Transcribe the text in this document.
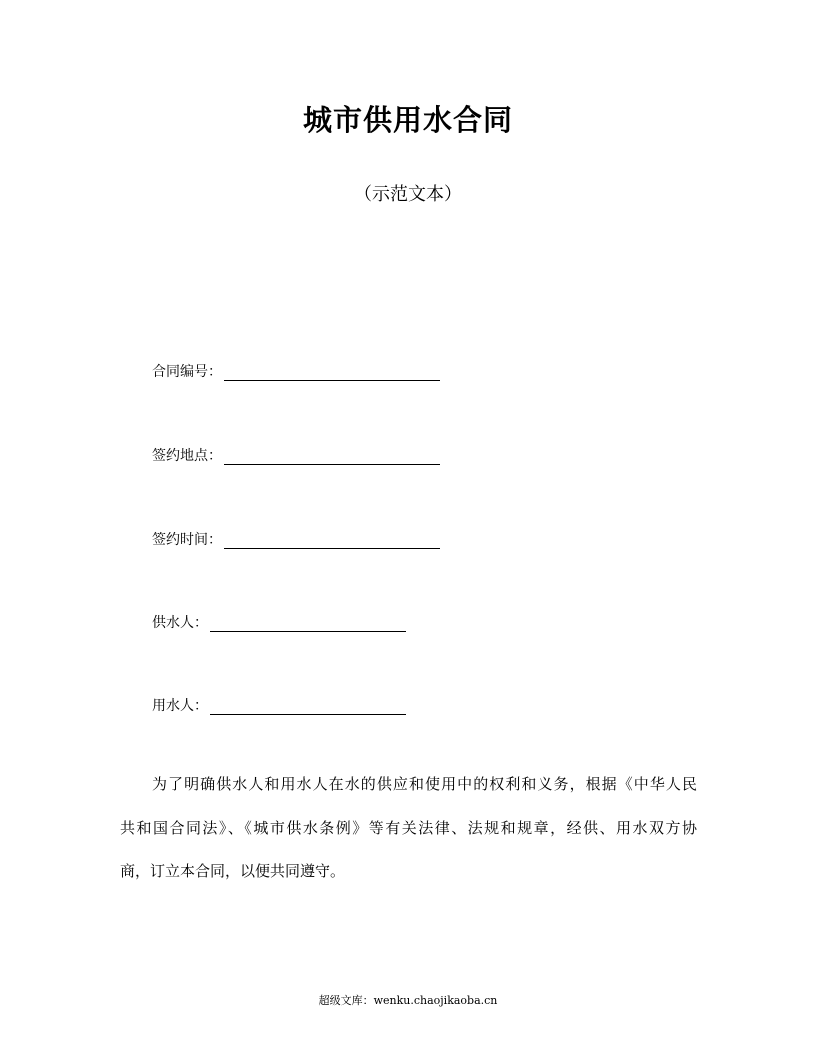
城市供用水合同
（示范文本）
合同编号：
签约地点：
签约时间：
供水人：
用水人：
为了明确供水人和用水人在水的供应和使用中的权利和义务，根据《中华人民
共和国合同法》、《城市供水条例》等有关法律、法规和规章，经供、用水双方协
商，订立本合同，以便共同遵守。
超级文库：wenku.chaojikaoba.cn
